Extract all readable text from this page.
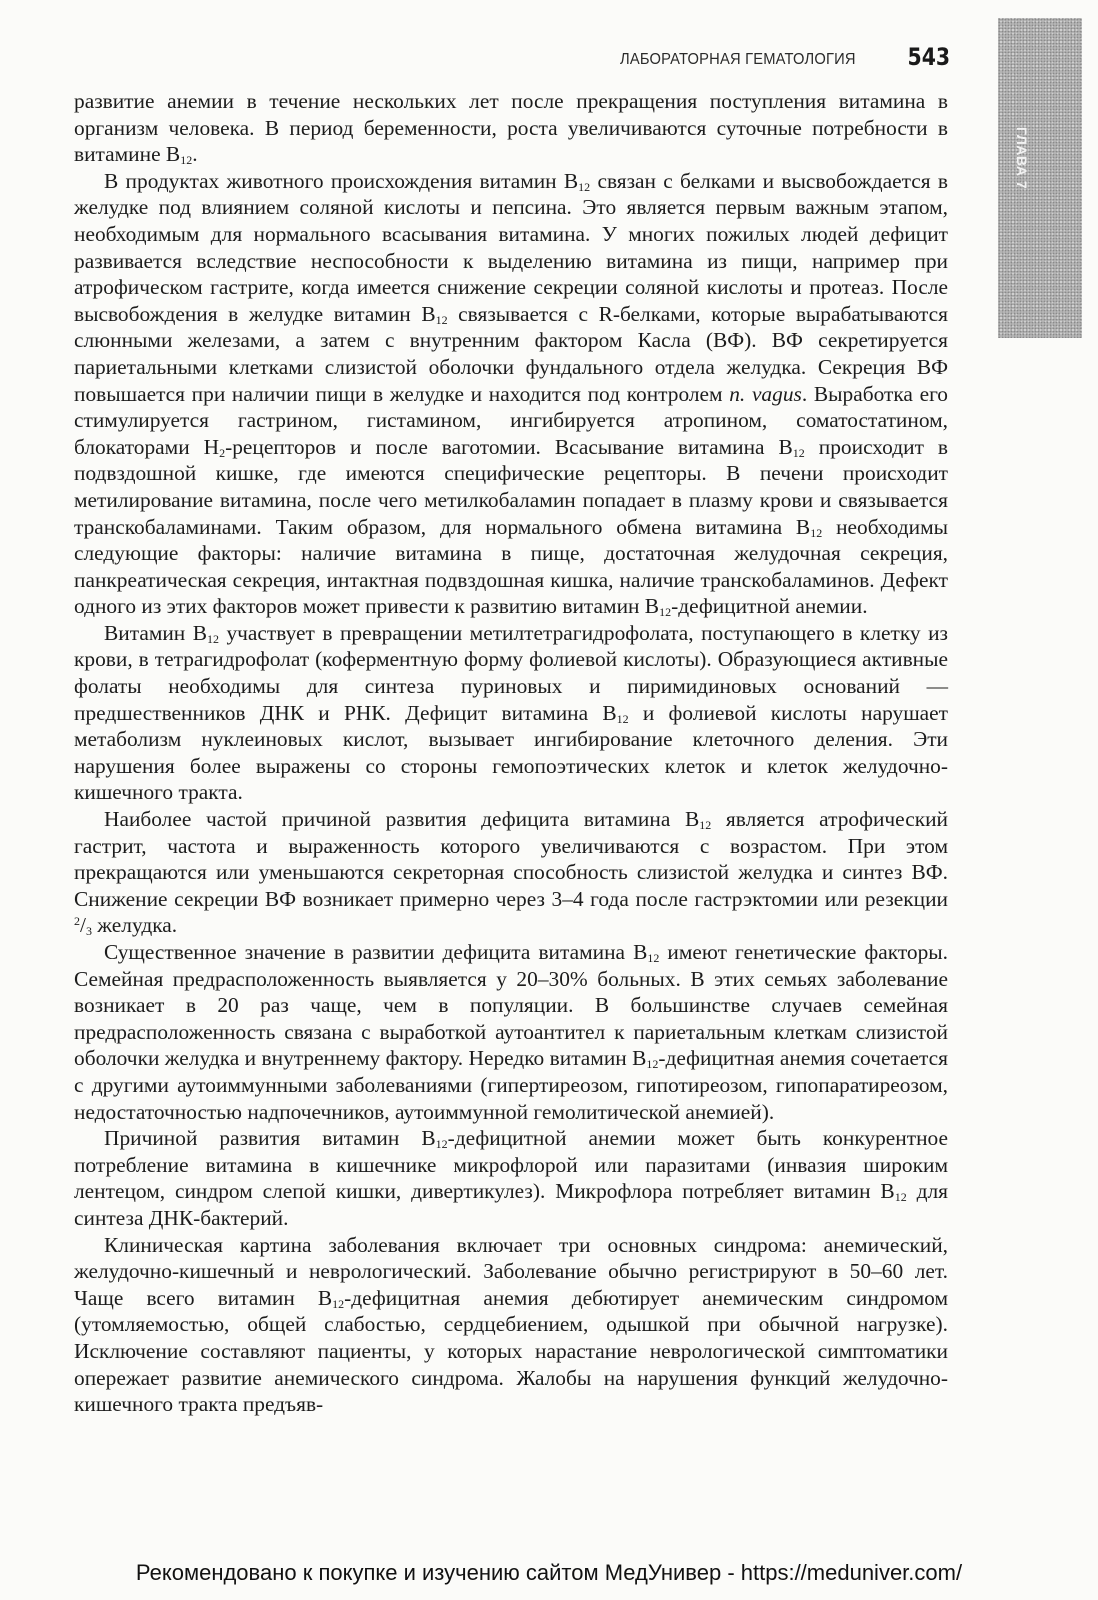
ЛАБОРАТОРНАЯ ГЕМАТОЛОГИЯ 543
ГЛАВА 7

развитие анемии в течение нескольких лет после прекращения поступления витамина в организм человека. В период беременности, роста увеличиваются суточные потребности в витамине $B_{12}$.

В продуктах животного происхождения витамин $B_{12}$ связан с белками и высвобождается в желудке под влиянием соляной кислоты и пепсина. Это является первым важным этапом, необходимым для нормального всасывания витамина. У многих пожилых людей дефицит развивается вследствие неспособности к выделению витамина из пищи, например при атрофическом гастрите, когда имеется снижение секреции соляной кислоты и протеаз. После высвобождения в желудке витамин $B_{12}$ связывается с R-белками, которые вырабатываются слюнными железами, а затем с внутренним фактором Касла (ВФ). ВФ секретируется париетальными клетками слизистой оболочки фундального отдела желудка. Секреция ВФ повышается при наличии пищи в желудке и находится под контролем n. vagus. Выработка его стимулируется гастрином, гистамином, ингибируется атропином, соматостатином, блокаторами $H_2$-рецепторов и после ваготомии. Всасывание витамина $B_{12}$ происходит в подвздошной кишке, где имеются специфические рецепторы. В печени происходит метилирование витамина, после чего метилкобаламин попадает в плазму крови и связывается транскобаламинами. Таким образом, для нормального обмена витамина $B_{12}$ необходимы следующие факторы: наличие витамина в пище, достаточная желудочная секреция, панкреатическая секреция, интактная подвздошная кишка, наличие транскобаламинов. Дефект одного из этих факторов может привести к развитию витамин $B_{12}$-дефицитной анемии.

Витамин $B_{12}$ участвует в превращении метилтетрагидрофолата, поступающего в клетку из крови, в тетрагидрофолат (коферментную форму фолиевой кислоты). Образующиеся активные фолаты необходимы для синтеза пуриновых и пиримидиновых оснований — предшественников ДНК и РНК. Дефицит витамина $B_{12}$ и фолиевой кислоты нарушает метаболизм нуклеиновых кислот, вызывает ингибирование клеточного деления. Эти нарушения более выражены со стороны гемопоэтических клеток и клеток желудочно-кишечного тракта.

Наиболее частой причиной развития дефицита витамина $B_{12}$ является атрофический гастрит, частота и выраженность которого увеличиваются с возрастом. При этом прекращаются или уменьшаются секреторная способность слизистой желудка и синтез ВФ. Снижение секреции ВФ возникает примерно через 3–4 года после гастрэктомии или резекции $^2/_3$ желудка.

Существенное значение в развитии дефицита витамина $B_{12}$ имеют генетические факторы. Семейная предрасположенность выявляется у 20–30% больных. В этих семьях заболевание возникает в 20 раз чаще, чем в популяции. В большинстве случаев семейная предрасположенность связана с выработкой аутоантител к париетальным клеткам слизистой оболочки желудка и внутреннему фактору. Нередко витамин $B_{12}$-дефицитная анемия сочетается с другими аутоиммунными заболеваниями (гипертиреозом, гипотиреозом, гипопаратиреозом, недостаточностью надпочечников, аутоиммунной гемолитической анемией).

Причиной развития витамин $B_{12}$-дефицитной анемии может быть конкурентное потребление витамина в кишечнике микрофлорой или паразитами (инвазия широким лентецом, синдром слепой кишки, дивертикулез). Микрофлора потребляет витамин $B_{12}$ для синтеза ДНК-бактерий.

Клиническая картина заболевания включает три основных синдрома: анемический, желудочно-кишечный и неврологический. Заболевание обычно регистрируют в 50–60 лет. Чаще всего витамин $B_{12}$-дефицитная анемия дебютирует анемическим синдромом (утомляемостью, общей слабостью, сердцебиением, одышкой при обычной нагрузке). Исключение составляют пациенты, у которых нарастание неврологической симптоматики опережает развитие анемического синдрома. Жалобы на нарушения функций желудочно-кишечного тракта предъяв-

Рекомендовано к покупке и изучению сайтом МедУнивер - https://meduniver.com/
